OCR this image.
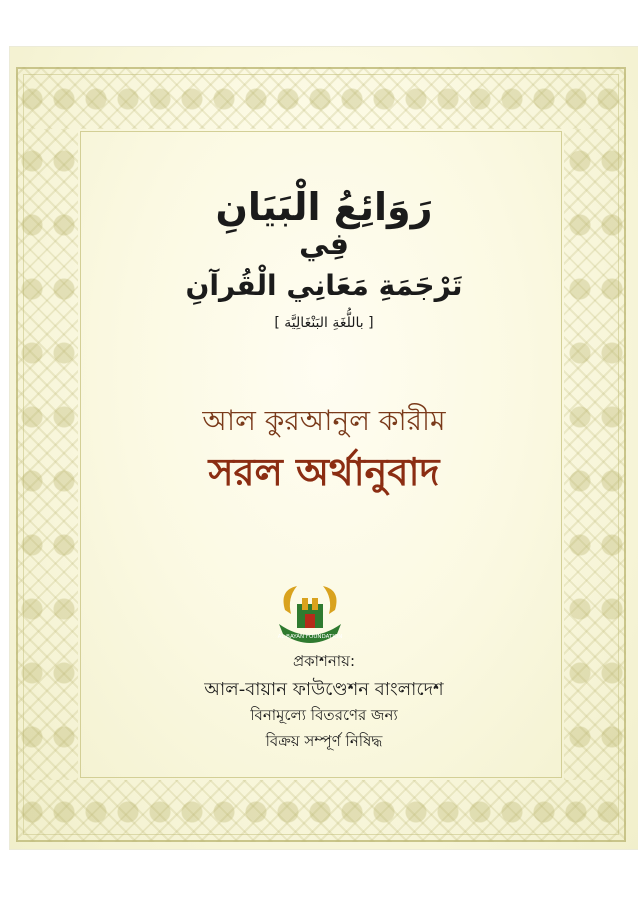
رَوَائِعُ الْبَيَانِ
فِي
تَرْجَمَةِ مَعَانِي الْقُرآنِ
[ باللُّغَةِ البَنْغَالِيَّة ]
আল কুরআনুল কারীম
সরল অর্থানুবাদ
AL BAYAN FOUNDATION
প্রকাশনায়:
আল-বায়ান ফাউণ্ডেশন বাংলাদেশ
বিনামূল্যে বিতরণের জন্য
বিক্রয় সম্পূর্ণ নিষিদ্ধ
